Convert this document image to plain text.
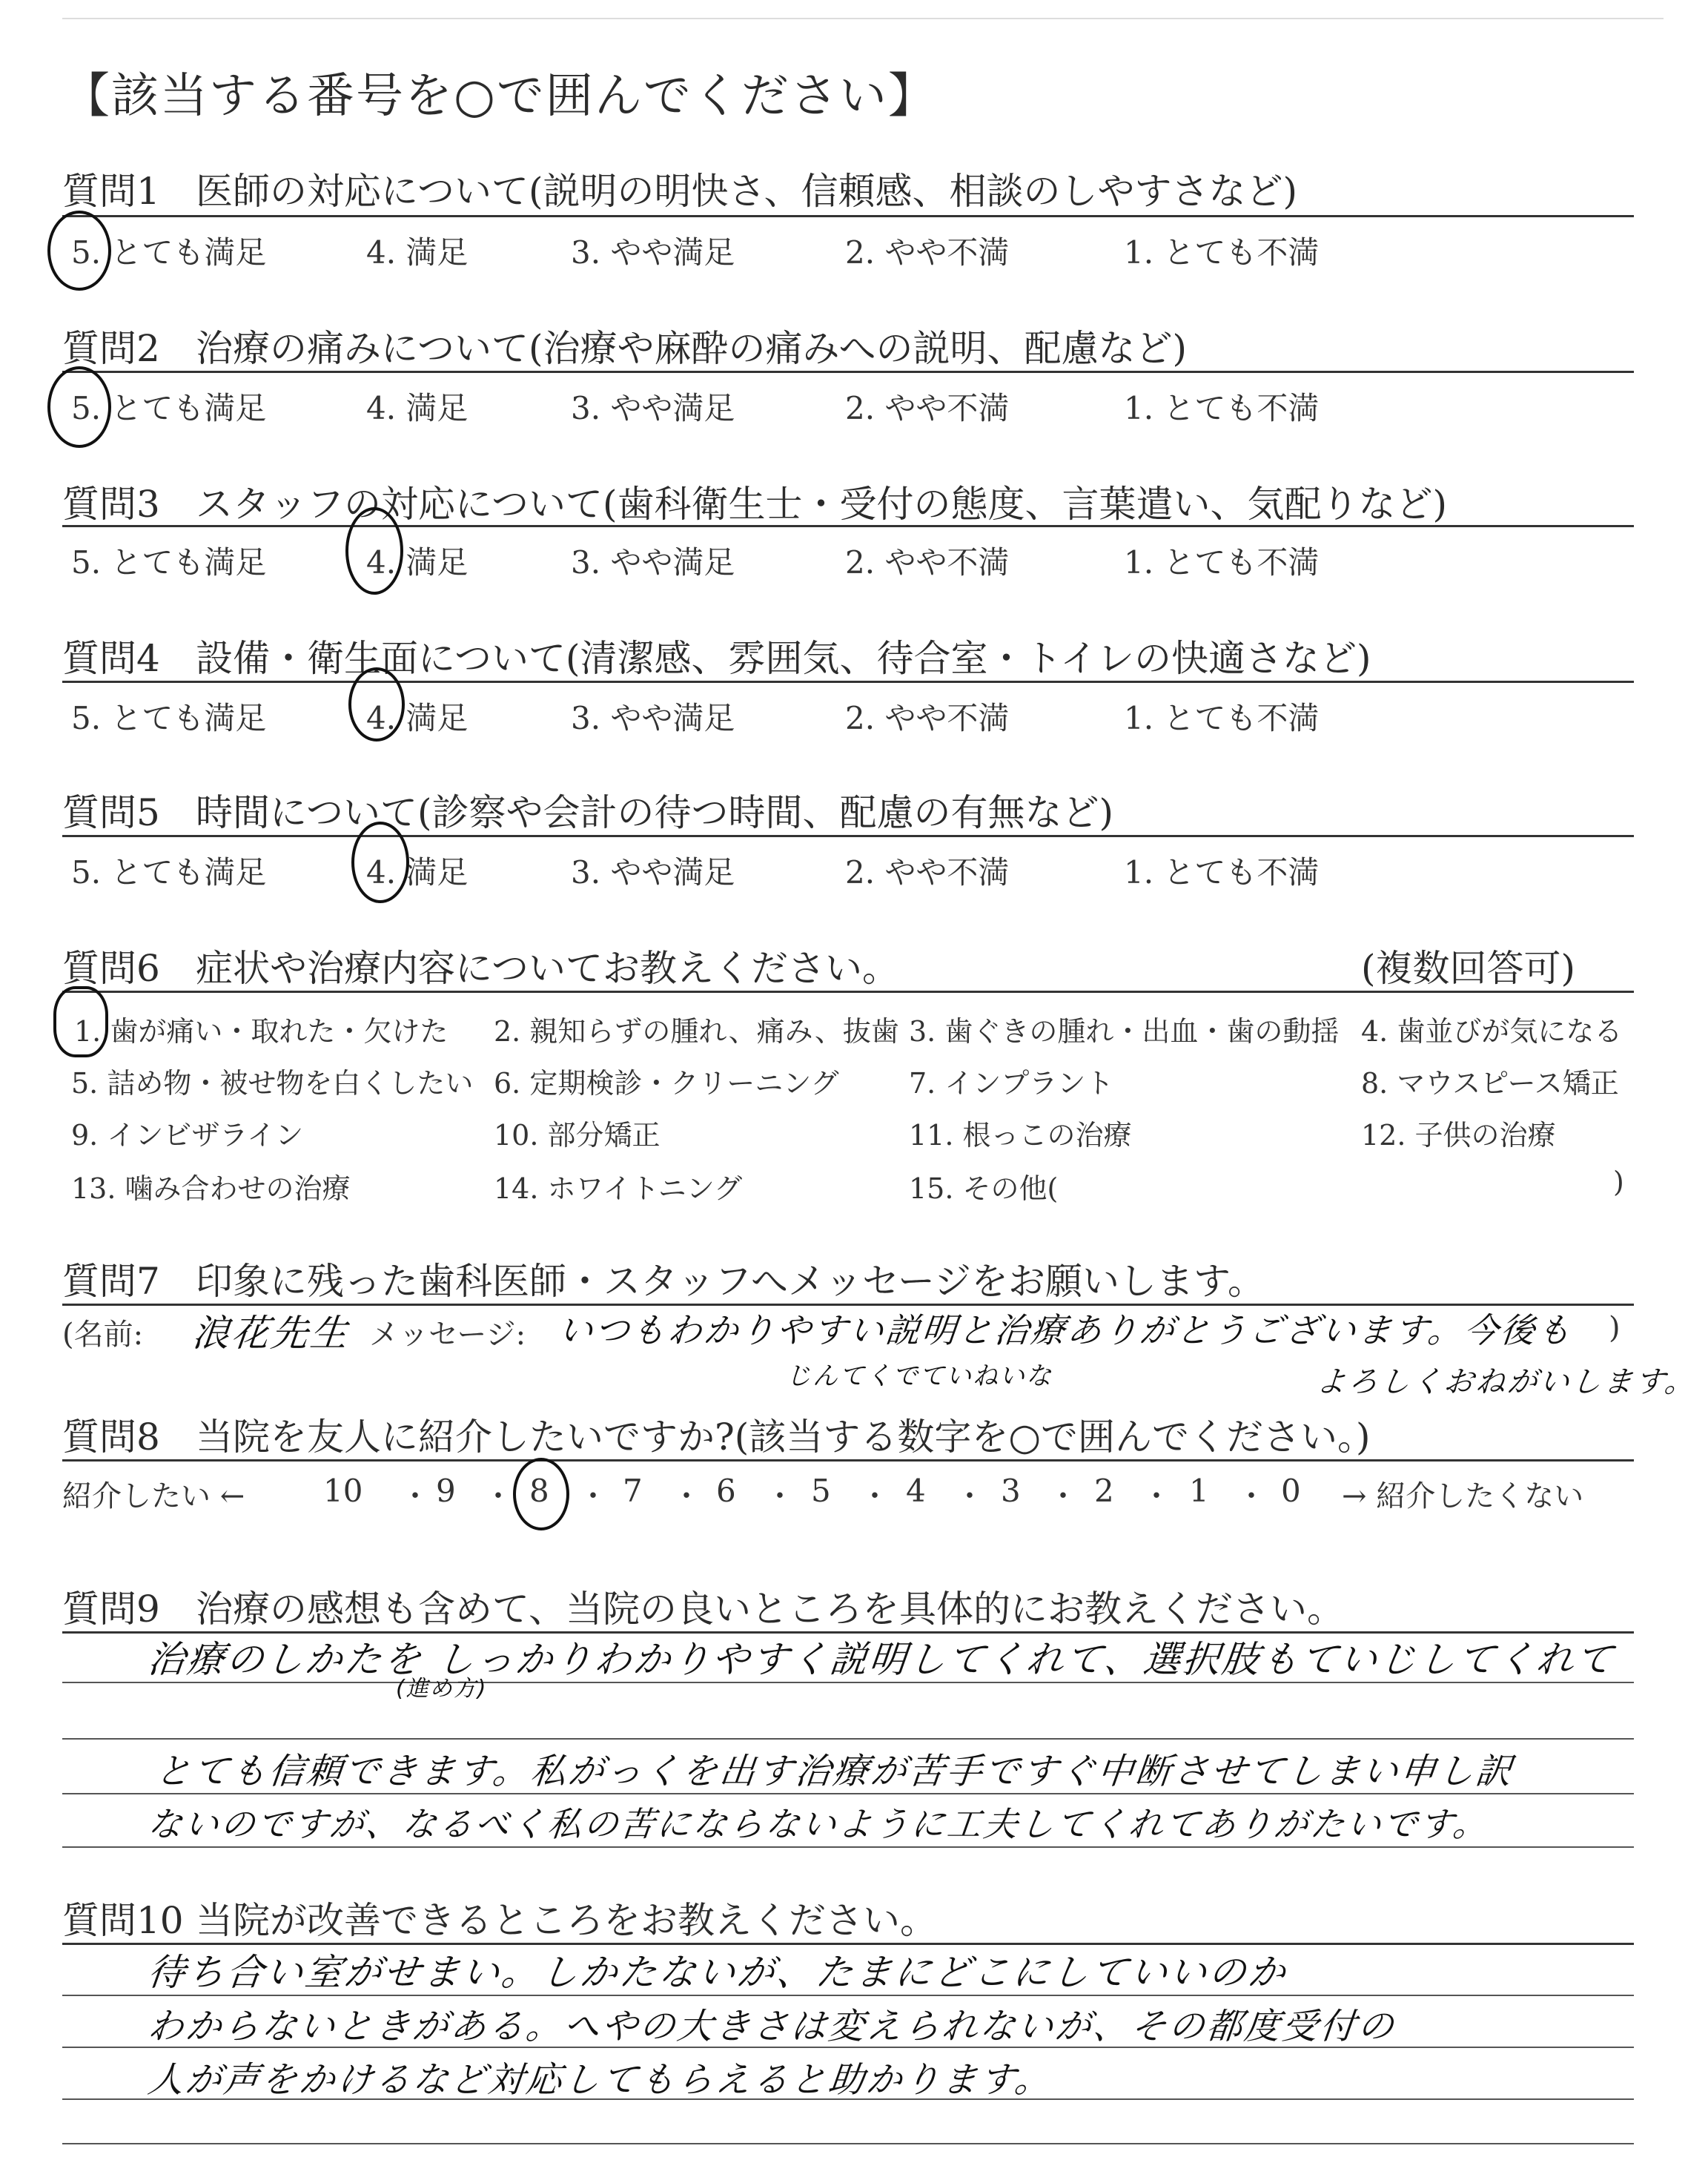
【該当する番号を○で囲んでください】
質問1 医師の対応について(説明の明快さ、信頼感、相談のしやすさなど)
5. とても満足	4. 満足	3. やや満足	2. やや不満	1. とても不満
質問2 治療の痛みについて(治療や麻酔の痛みへの説明、配慮など)
5. とても満足	4. 満足	3. やや満足	2. やや不満	1. とても不満
質問3 スタッフの対応について(歯科衛生士・受付の態度、言葉遣い、気配りなど)
5. とても満足	4. 満足	3. やや満足	2. やや不満	1. とても不満
質問4 設備・衛生面について(清潔感、雰囲気、待合室・トイレの快適さなど)
5. とても満足	4. 満足	3. やや満足	2. やや不満	1. とても不満
質問5 時間について(診察や会計の待つ時間、配慮の有無など)
5. とても満足	4. 満足	3. やや満足	2. やや不満	1. とても不満
質問6 症状や治療内容についてお教えください。	(複数回答可)
1. 歯が痛い・取れた・欠けた 2. 親知らずの腫れ、痛み、抜歯 3. 歯ぐきの腫れ・出血・歯の動揺 4. 歯並びが気になる
5. 詰め物・被せ物を白くしたい 6. 定期検診・クリーニング 7. インプラント	8. マウスピース矯正
9. インビザライン	10. 部分矯正	11. 根っこの治療	12. 子供の治療
13. 噛み合わせの治療	14. ホワイトニング	15. その他(	)
質問7 印象に残った歯科医師・スタッフへメッセージをお願いします。
(名前: 浪花先生 メッセージ: いつもわかりやすい説明と治療ありがとうございます。今後も
じんてくでていねいな	よろしくおねがいします。
)
質問8 当院を友人に紹介したいですか?(該当する数字を○で囲んでください。)
紹介したい ←	10 ・ 9 ・ 8 ・ 7 ・ 6 ・ 5 ・ 4 ・ 3 ・ 2 ・ 1 ・ 0 → 紹介したくない
質問9 治療の感想も含めて、当院の良いところを具体的にお教えください。
治療のしかたを しっかりわかりやすく説明してくれて、選択肢もていじしてくれて
(進め方)
とても信頼できます。私がっくを出す治療が苦手ですぐ中断させてしまい申し訳
ないのですが、なるべく私の苦にならないように工夫してくれてありがたいです。
質問10 当院が改善できるところをお教えください。
待ち合い室がせまい。しかたないが、たまにどこにしていいのか
わからないときがある。へやの大きさは変えられないが、その都度受付の
人が声をかけるなど対応してもらえると助かります。
